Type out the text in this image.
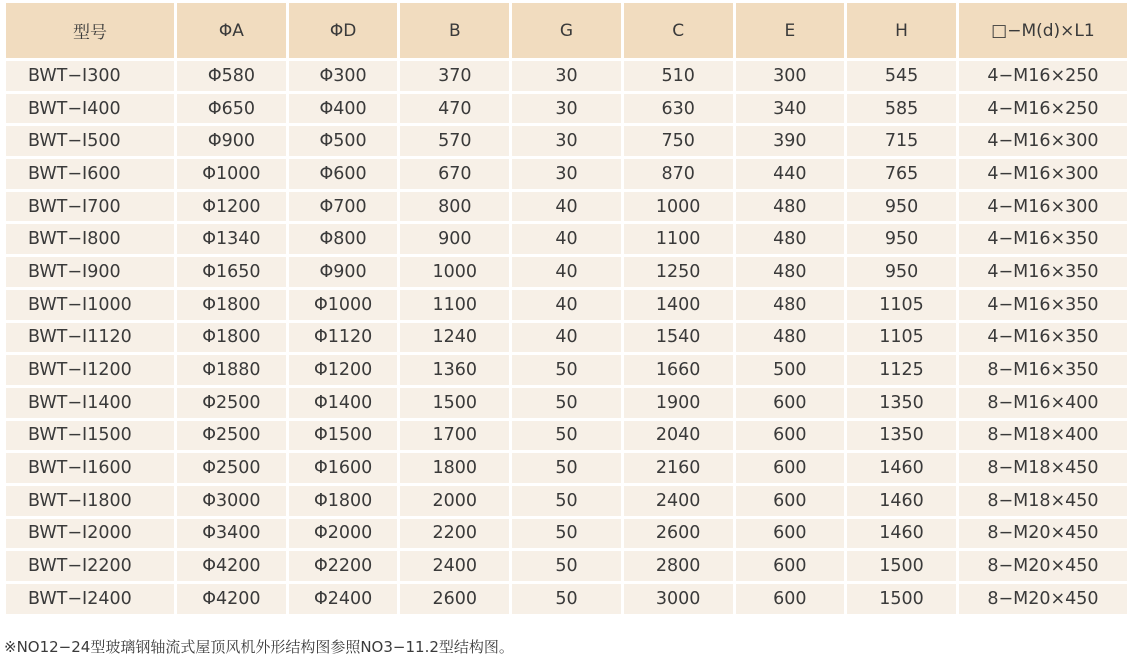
型号	ΦA	ΦD	B	G	C	E	H	□−M(d)×L1
BWT−Ⅰ300	Φ580	Φ300	370	30	510	300	545	4−M16×250
BWT−Ⅰ400	Φ650	Φ400	470	30	630	340	585	4−M16×250
BWT−Ⅰ500	Φ900	Φ500	570	30	750	390	715	4−M16×300
BWT−Ⅰ600	Φ1000	Φ600	670	30	870	440	765	4−M16×300
BWT−Ⅰ700	Φ1200	Φ700	800	40	1000	480	950	4−M16×300
BWT−Ⅰ800	Φ1340	Φ800	900	40	1100	480	950	4−M16×350
BWT−Ⅰ900	Φ1650	Φ900	1000	40	1250	480	950	4−M16×350
BWT−Ⅰ1000	Φ1800	Φ1000	1100	40	1400	480	1105	4−M16×350
BWT−Ⅰ1120	Φ1800	Φ1120	1240	40	1540	480	1105	4−M16×350
BWT−Ⅰ1200	Φ1880	Φ1200	1360	50	1660	500	1125	8−M16×350
BWT−Ⅰ1400	Φ2500	Φ1400	1500	50	1900	600	1350	8−M16×400
BWT−Ⅰ1500	Φ2500	Φ1500	1700	50	2040	600	1350	8−M18×400
BWT−Ⅰ1600	Φ2500	Φ1600	1800	50	2160	600	1460	8−M18×450
BWT−Ⅰ1800	Φ3000	Φ1800	2000	50	2400	600	1460	8−M18×450
BWT−Ⅰ2000	Φ3400	Φ2000	2200	50	2600	600	1460	8−M20×450
BWT−Ⅰ2200	Φ4200	Φ2200	2400	50	2800	600	1500	8−M20×450
BWT−Ⅰ2400	Φ4200	Φ2400	2600	50	3000	600	1500	8−M20×450
※NO12−24型玻璃钢轴流式屋顶风机外形结构图参照NO3−11.2型结构图。
